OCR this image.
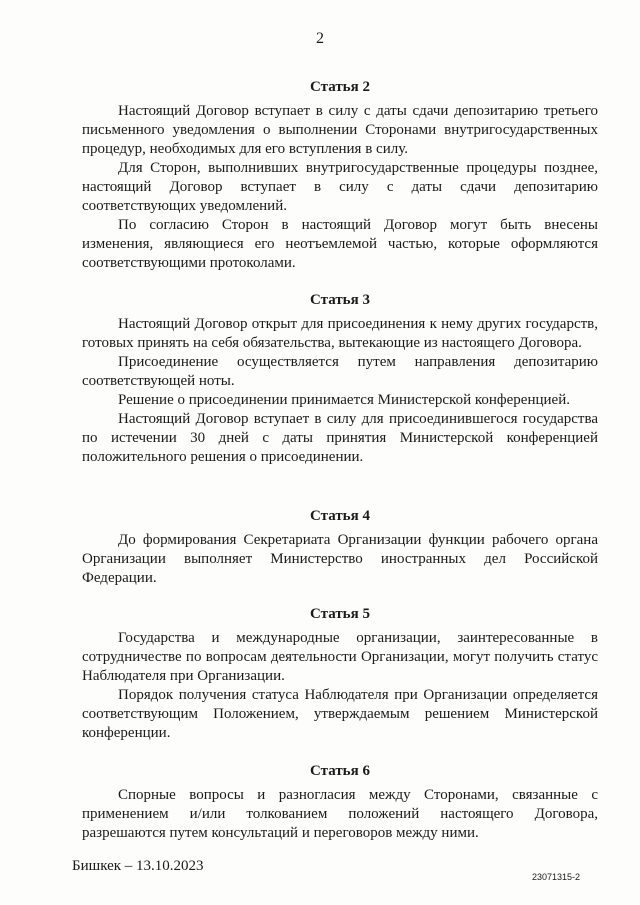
2
Статья 2

Настоящий Договор вступает в силу с даты сдачи депозитарию третьего письменного уведомления о выполнении Сторонами внутригосударственных процедур, необходимых для его вступления в силу.

Для Сторон, выполнивших внутригосударственные процедуры позднее, настоящий Договор вступает в силу с даты сдачи депозитарию соответствующих уведомлений.

По согласию Сторон в настоящий Договор могут быть внесены изменения, являющиеся его неотъемлемой частью, которые оформляются соответствующими протоколами.

Статья 3

Настоящий Договор открыт для присоединения к нему других государств, готовых принять на себя обязательства, вытекающие из настоящего Договора.

Присоединение осуществляется путем направления депозитарию соответствующей ноты.

Решение о присоединении принимается Министерской конференцией.

Настоящий Договор вступает в силу для присоединившегося государства по истечении 30 дней с даты принятия Министерской конференцией положительного решения о присоединении.

Статья 4

До формирования Секретариата Организации функции рабочего органа Организации выполняет Министерство иностранных дел Российской Федерации.

Статья 5

Государства и международные организации, заинтересованные в сотрудничестве по вопросам деятельности Организации, могут получить статус Наблюдателя при Организации.

Порядок получения статуса Наблюдателя при Организации определяется соответствующим Положением, утверждаемым решением Министерской конференции.

Статья 6

Спорные вопросы и разногласия между Сторонами, связанные с применением и/или толкованием положений настоящего Договора, разрешаются путем консультаций и переговоров между ними.

Бишкек – 13.10.2023
23071315-2
